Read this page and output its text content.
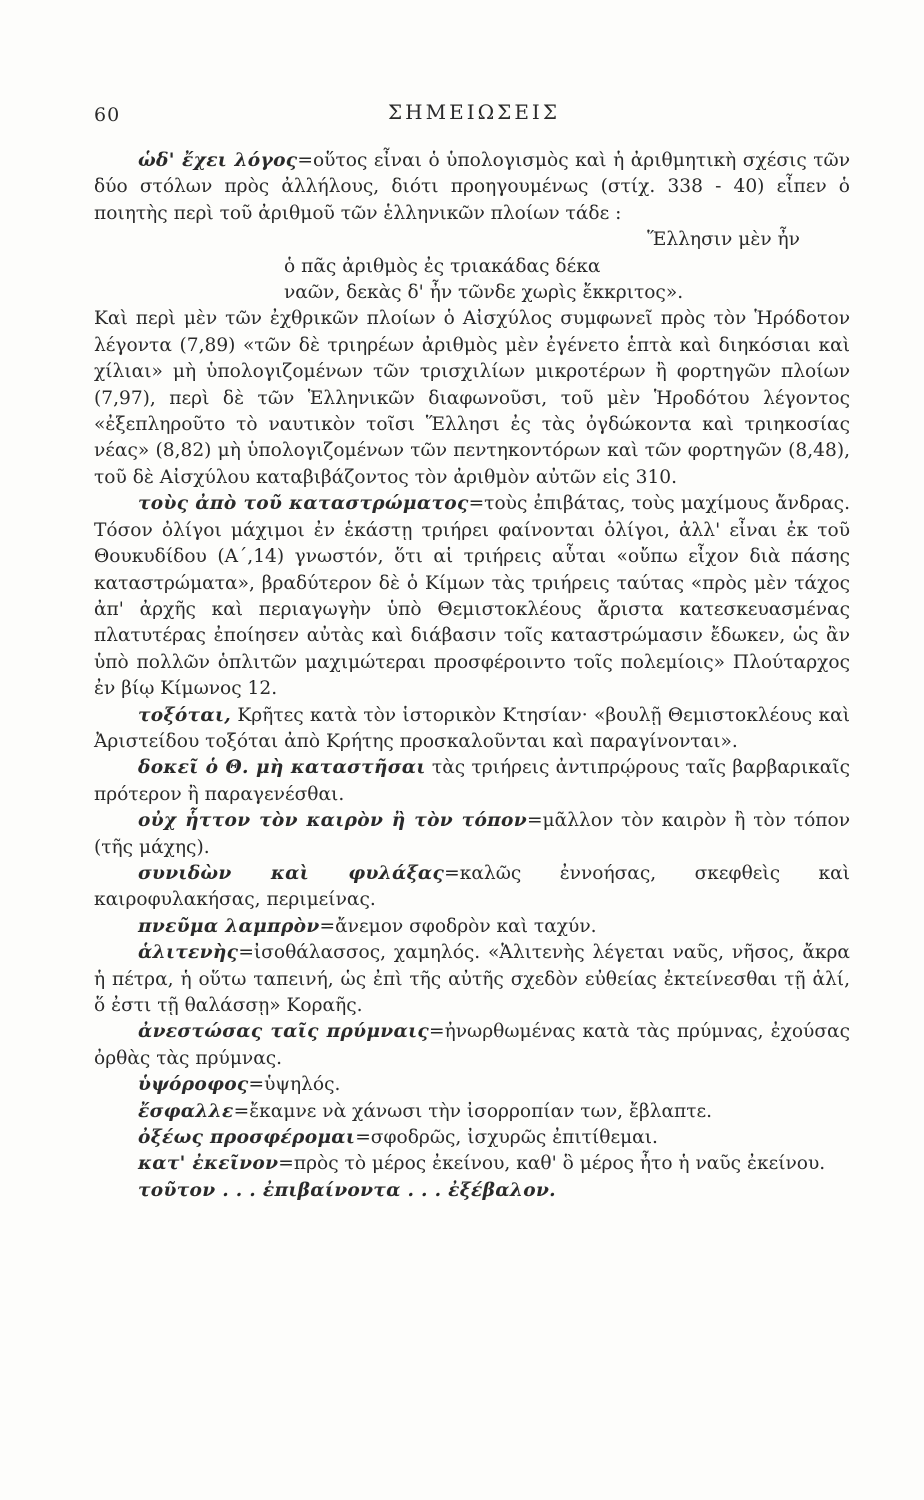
60	ΣΗΜΕΙΩΣΕΙΣ

ὡδ' ἔχει λόγος=οὕτος εἶναι ὁ ὑπολογισμὸς καὶ ἡ ἀριθμητικὴ σχέσις τῶν δύο στόλων πρὸς ἀλλήλους, διότι προηγουμένως (στίχ. 338 - 40) εἶπεν ὁ ποιητὴς περὶ τοῦ ἀριθμοῦ τῶν ἑλληνικῶν πλοίων τάδε :

Ἕλλησιν μὲν ἦν
ὁ πᾶς ἀριθμὸς ἐς τριακάδας δέκα
ναῶν, δεκὰς δ' ἦν τῶνδε χωρὶς ἔκκριτος».

Καὶ περὶ μὲν τῶν ἐχθρικῶν πλοίων ὁ Αἰσχύλος συμφωνεῖ πρὸς τὸν Ἡρόδοτον λέγοντα (7,89) «τῶν δὲ τριηρέων ἀριθμὸς μὲν ἐγένετο ἑπτὰ καὶ διηκόσιαι καὶ χίλιαι» μὴ ὑπολογιζομένων τῶν τρισχιλίων μικροτέρων ἢ φορτηγῶν πλοίων (7,97), περὶ δὲ τῶν Ἑλληνικῶν διαφωνοῦσι, τοῦ μὲν Ἡροδότου λέγοντος «ἐξεπληροῦτο τὸ ναυτικὸν τοῖσι Ἕλλησι ἐς τὰς ὀγδώκοντα καὶ τριηκοσίας νέας» (8,82) μὴ ὑπολογιζομένων τῶν πεντηκοντόρων καὶ τῶν φορτηγῶν (8,48), τοῦ δὲ Αἰσχύλου καταβιβάζοντος τὸν ἀριθμὸν αὐτῶν εἰς 310.

τοὺς ἀπὸ τοῦ καταστρώματος=τοὺς ἐπιβάτας, τοὺς μαχίμους ἄνδρας. Τόσον ὀλίγοι μάχιμοι ἐν ἑκάστῃ τριήρει φαίνονται ὀλίγοι, ἀλλ' εἶναι ἐκ τοῦ Θουκυδίδου (Α΄,14) γνωστόν, ὅτι αἱ τριήρεις αὗται «οὔπω εἶχον διὰ πάσης καταστρώματα», βραδύτερον δὲ ὁ Κίμων τὰς τριήρεις ταύτας «πρὸς μὲν τάχος ἀπ' ἀρχῆς καὶ περιαγωγὴν ὑπὸ Θεμιστοκλέους ἄριστα κατεσκευασμένας πλατυτέρας ἐποίησεν αὐτὰς καὶ διάβασιν τοῖς καταστρώμασιν ἔδωκεν, ὡς ἂν ὑπὸ πολλῶν ὁπλιτῶν μαχιμώτεραι προσφέροιντο τοῖς πολεμίοις» Πλούταρχος ἐν βίῳ Κίμωνος 12.

τοξόται, Κρῆτες κατὰ τὸν ἱστορικὸν Κτησίαν· «βουλῇ Θεμιστοκλέους καὶ Ἀριστείδου τοξόται ἀπὸ Κρήτης προσκαλοῦνται καὶ παραγίνονται».

δοκεῖ ὁ Θ. μὴ καταστῆσαι τὰς τριήρεις ἀντιπρῴρους ταῖς βαρβαρικαῖς πρότερον ἢ παραγενέσθαι.

οὐχ ἧττον τὸν καιρὸν ἢ τὸν τόπον=μᾶλλον τὸν καιρὸν ἢ τὸν τόπον (τῆς μάχης).

συνιδὼν καὶ φυλάξας=καλῶς ἐννοήσας, σκεφθεὶς καὶ καιροφυλακήσας, περιμείνας.

πνεῦμα λαμπρὸν=ἄνεμον σφοδρὸν καὶ ταχύν.

ἁλιτενὴς=ἰσοθάλασσος, χαμηλός. «Ἁλιτενὴς λέγεται ναῦς, νῆσος, ἄκρα ἡ πέτρα, ἡ οὕτω ταπεινή, ὡς ἐπὶ τῆς αὐτῆς σχεδὸν εὐθείας ἐκτείνεσθαι τῇ ἁλί, ὅ ἐστι τῇ θαλάσσῃ» Κοραῆς.

ἀνεστώσας ταῖς πρύμναις=ἠνωρθωμένας κατὰ τὰς πρύμνας, ἐχούσας ὀρθὰς τὰς πρύμνας.

ὑψόροφος=ὑψηλός.

ἔσφαλλε=ἔκαμνε νὰ χάνωσι τὴν ἰσορροπίαν των, ἔβλαπτε.

ὀξέως προσφέρομαι=σφοδρῶς, ἰσχυρῶς ἐπιτίθεμαι.

κατ' ἐκεῖνον=πρὸς τὸ μέρος ἐκείνου, καθ' ὃ μέρος ἦτο ἡ ναῦς ἐκείνου.

τοῦτον . . . ἐπιβαίνοντα . . . ἐξέβαλον.
